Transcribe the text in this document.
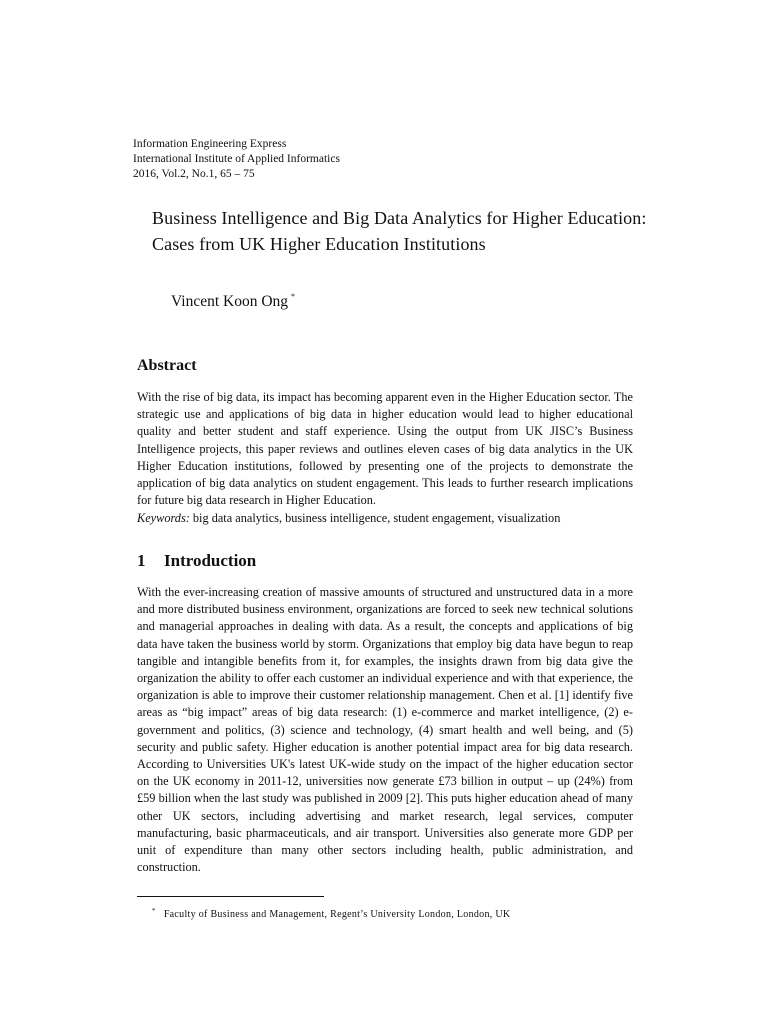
Information Engineering Express
International Institute of Applied Informatics
2016, Vol.2, No.1, 65 – 75
Business Intelligence and Big Data Analytics for Higher Education: Cases from UK Higher Education Institutions
Vincent Koon Ong *
Abstract
With the rise of big data, its impact has becoming apparent even in the Higher Education sector. The strategic use and applications of big data in higher education would lead to higher educational quality and better student and staff experience. Using the output from UK JISC’s Business Intelligence projects, this paper reviews and outlines eleven cases of big data analytics in the UK Higher Education institutions, followed by presenting one of the projects to demonstrate the application of big data analytics on student engagement. This leads to further research implications for future big data research in Higher Education.
Keywords: big data analytics, business intelligence, student engagement, visualization
1 Introduction
With the ever-increasing creation of massive amounts of structured and unstructured data in a more and more distributed business environment, organizations are forced to seek new technical solutions and managerial approaches in dealing with data. As a result, the concepts and applications of big data have taken the business world by storm. Organizations that employ big data have begun to reap tangible and intangible benefits from it, for examples, the insights drawn from big data give the organization the ability to offer each customer an individual experience and with that experience, the organization is able to improve their customer relationship management. Chen et al. [1] identify five areas as “big impact” areas of big data research: (1) e-commerce and market intelligence, (2) e-government and politics, (3) science and technology, (4) smart health and well being, and (5) security and public safety. Higher education is another potential impact area for big data research. According to Universities UK's latest UK-wide study on the impact of the higher education sector on the UK economy in 2011-12, universities now generate £73 billion in output – up (24%) from £59 billion when the last study was published in 2009 [2]. This puts higher education ahead of many other UK sectors, including advertising and market research, legal services, computer manufacturing, basic pharmaceuticals, and air transport. Universities also generate more GDP per unit of expenditure than many other sectors including health, public administration, and construction.
* Faculty of Business and Management, Regent’s University London, London, UK
